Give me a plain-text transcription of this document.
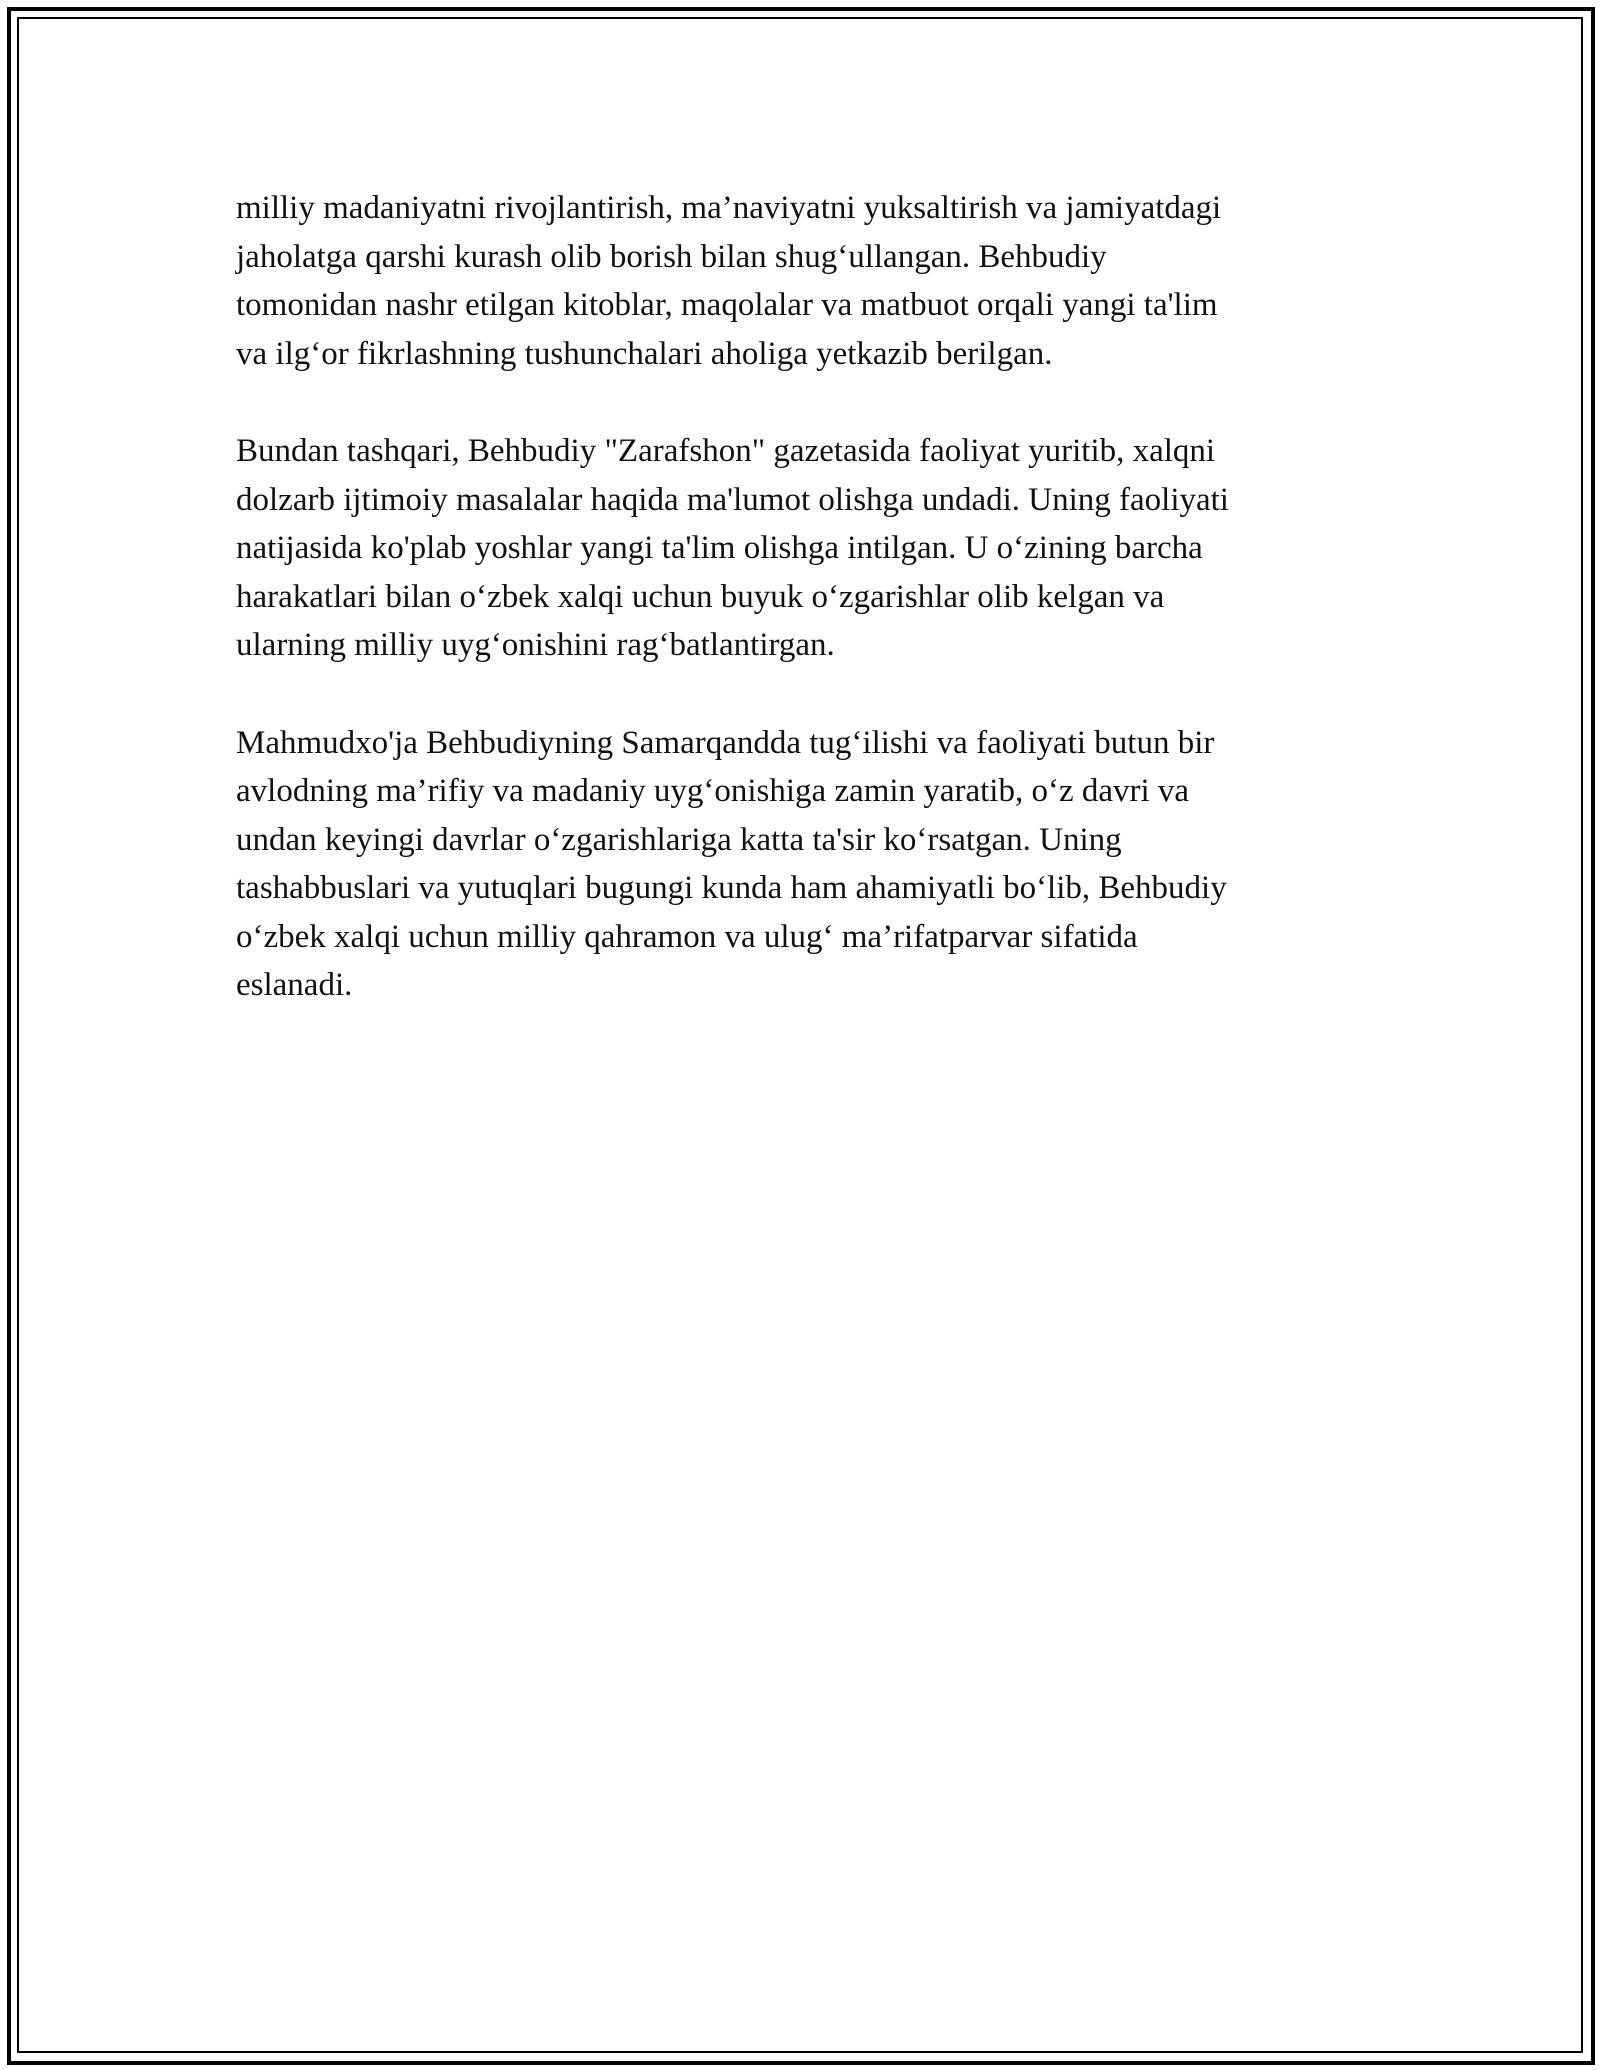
milliy madaniyatni rivojlantirish, ma’naviyatni yuksaltirish va jamiyatdagi
jaholatga qarshi kurash olib borish bilan shug‘ullangan. Behbudiy
tomonidan nashr etilgan kitoblar, maqolalar va matbuot orqali yangi ta'lim
va ilg‘or fikrlashning tushunchalari aholiga yetkazib berilgan.

Bundan tashqari, Behbudiy "Zarafshon" gazetasida faoliyat yuritib, xalqni
dolzarb ijtimoiy masalalar haqida ma'lumot olishga undadi. Uning faoliyati
natijasida ko'plab yoshlar yangi ta'lim olishga intilgan. U o‘zining barcha
harakatlari bilan o‘zbek xalqi uchun buyuk o‘zgarishlar olib kelgan va
ularning milliy uyg‘onishini rag‘batlantirgan.

Mahmudxo'ja Behbudiyning Samarqandda tug‘ilishi va faoliyati butun bir
avlodning ma’rifiy va madaniy uyg‘onishiga zamin yaratib, o‘z davri va
undan keyingi davrlar o‘zgarishlariga katta ta'sir ko‘rsatgan. Uning
tashabbuslari va yutuqlari bugungi kunda ham ahamiyatli bo‘lib, Behbudiy
o‘zbek xalqi uchun milliy qahramon va ulug‘ ma’rifatparvar sifatida
eslanadi.
